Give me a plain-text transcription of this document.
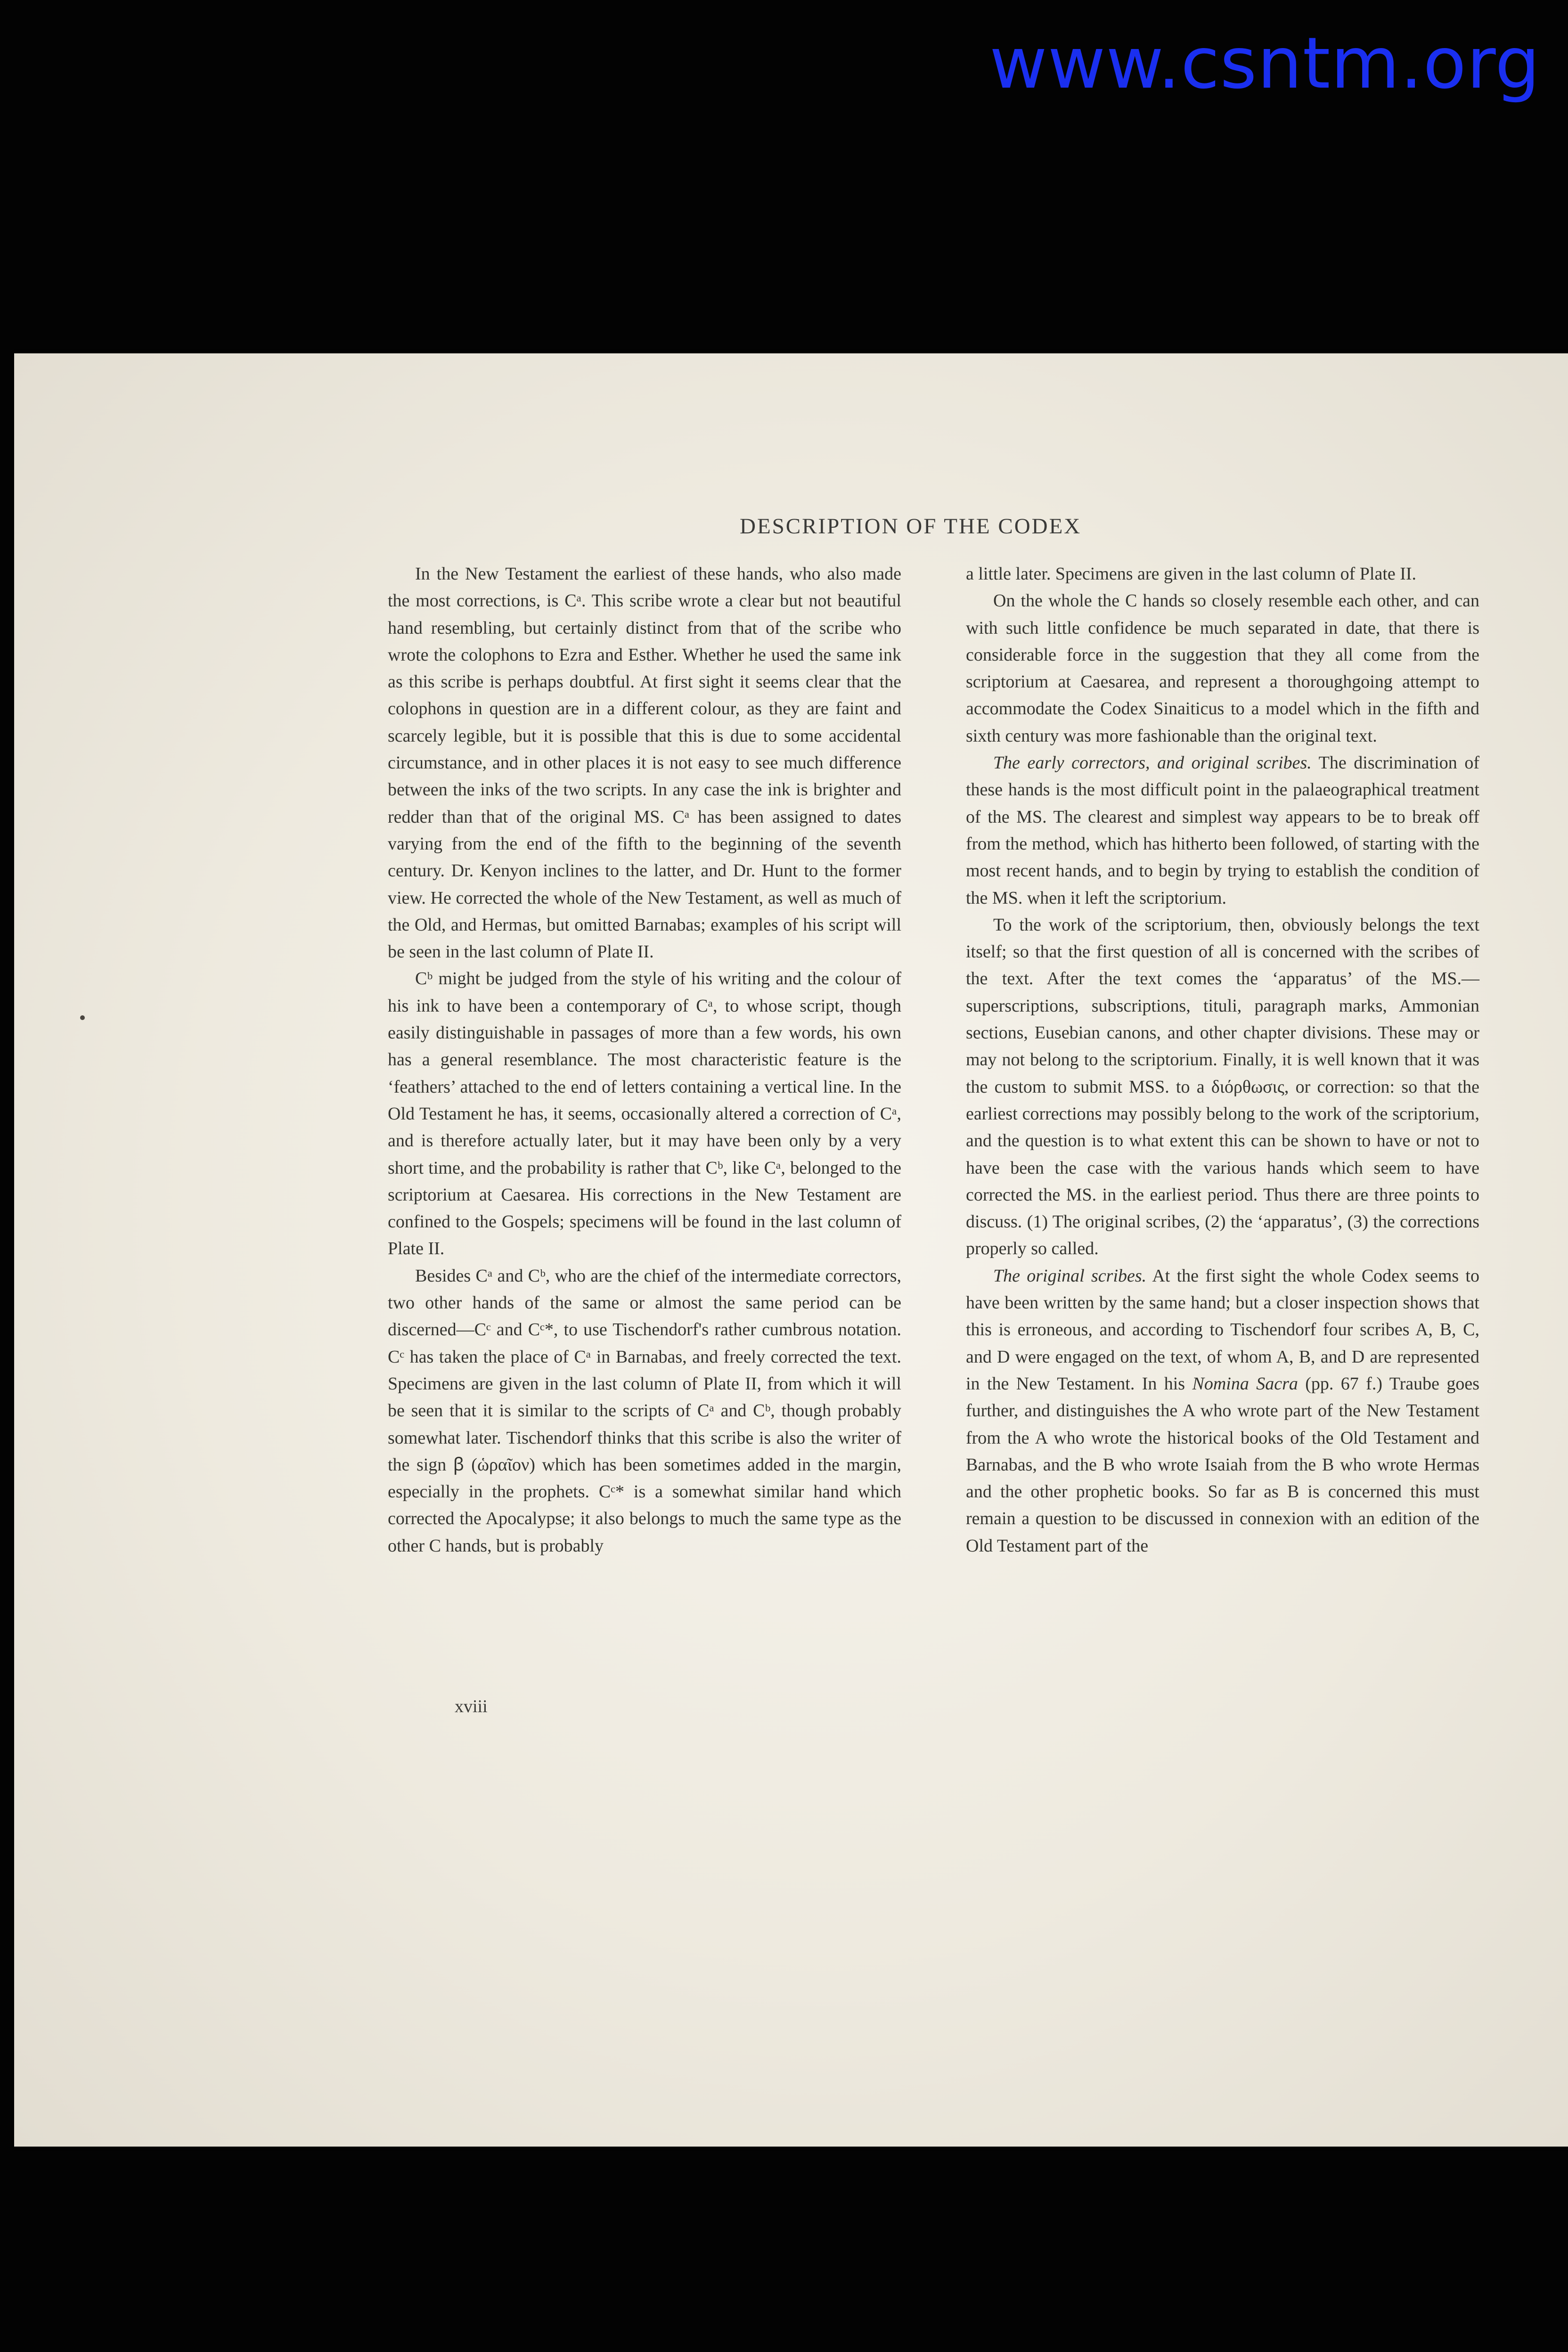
www.csntm.org
DESCRIPTION OF THE CODEX

In the New Testament the earliest of these hands, who also made the most corrections, is Cᵃ. This scribe wrote a clear but not beautiful hand resembling, but certainly distinct from that of the scribe who wrote the colophons to Ezra and Esther. Whether he used the same ink as this scribe is perhaps doubtful. At first sight it seems clear that the colophons in question are in a different colour, as they are faint and scarcely legible, but it is possible that this is due to some accidental circumstance, and in other places it is not easy to see much difference between the inks of the two scripts. In any case the ink is brighter and redder than that of the original MS. Cᵃ has been assigned to dates varying from the end of the fifth to the beginning of the seventh century. Dr. Kenyon inclines to the latter, and Dr. Hunt to the former view. He corrected the whole of the New Testament, as well as much of the Old, and Hermas, but omitted Barnabas; examples of his script will be seen in the last column of Plate II.

Cᵇ might be judged from the style of his writing and the colour of his ink to have been a contemporary of Cᵃ, to whose script, though easily distinguishable in passages of more than a few words, his own has a general resemblance. The most characteristic feature is the ‘feathers’ attached to the end of letters containing a vertical line. In the Old Testament he has, it seems, occasionally altered a correction of Cᵃ, and is therefore actually later, but it may have been only by a very short time, and the probability is rather that Cᵇ, like Cᵃ, belonged to the scriptorium at Caesarea. His corrections in the New Testament are confined to the Gospels; specimens will be found in the last column of Plate II.

Besides Cᵃ and Cᵇ, who are the chief of the intermediate correctors, two other hands of the same or almost the same period can be discerned—Cᶜ and Cᶜ*, to use Tischendorf's rather cumbrous notation. Cᶜ has taken the place of Cᵃ in Barnabas, and freely corrected the text. Specimens are given in the last column of Plate II, from which it will be seen that it is similar to the scripts of Cᵃ and Cᵇ, though probably somewhat later. Tischendorf thinks that this scribe is also the writer of the sign ꞵ (ὡραῖον) which has been sometimes added in the margin, especially in the prophets. Cᶜ* is a somewhat similar hand which corrected the Apocalypse; it also belongs to much the same type as the other C hands, but is probably

a little later. Specimens are given in the last column of Plate II.

On the whole the C hands so closely resemble each other, and can with such little confidence be much separated in date, that there is considerable force in the suggestion that they all come from the scriptorium at Caesarea, and represent a thoroughgoing attempt to accommodate the Codex Sinaiticus to a model which in the fifth and sixth century was more fashionable than the original text.

The early correctors, and original scribes. The discrimination of these hands is the most difficult point in the palaeographical treatment of the MS. The clearest and simplest way appears to be to break off from the method, which has hitherto been followed, of starting with the most recent hands, and to begin by trying to establish the condition of the MS. when it left the scriptorium.

To the work of the scriptorium, then, obviously belongs the text itself; so that the first question of all is concerned with the scribes of the text. After the text comes the ‘apparatus’ of the MS.—superscriptions, subscriptions, tituli, paragraph marks, Ammonian sections, Eusebian canons, and other chapter divisions. These may or may not belong to the scriptorium. Finally, it is well known that it was the custom to submit MSS. to a διόρθωσις, or correction: so that the earliest corrections may possibly belong to the work of the scriptorium, and the question is to what extent this can be shown to have or not to have been the case with the various hands which seem to have corrected the MS. in the earliest period. Thus there are three points to discuss. (1) The original scribes, (2) the ‘apparatus’, (3) the corrections properly so called.

The original scribes. At the first sight the whole Codex seems to have been written by the same hand; but a closer inspection shows that this is erroneous, and according to Tischendorf four scribes A, B, C, and D were engaged on the text, of whom A, B, and D are represented in the New Testament. In his Nomina Sacra (pp. 67 f.) Traube goes further, and distinguishes the A who wrote part of the New Testament from the A who wrote the historical books of the Old Testament and Barnabas, and the B who wrote Isaiah from the B who wrote Hermas and the other prophetic books. So far as B is concerned this must remain a question to be discussed in connexion with an edition of the Old Testament part of the

xviii
